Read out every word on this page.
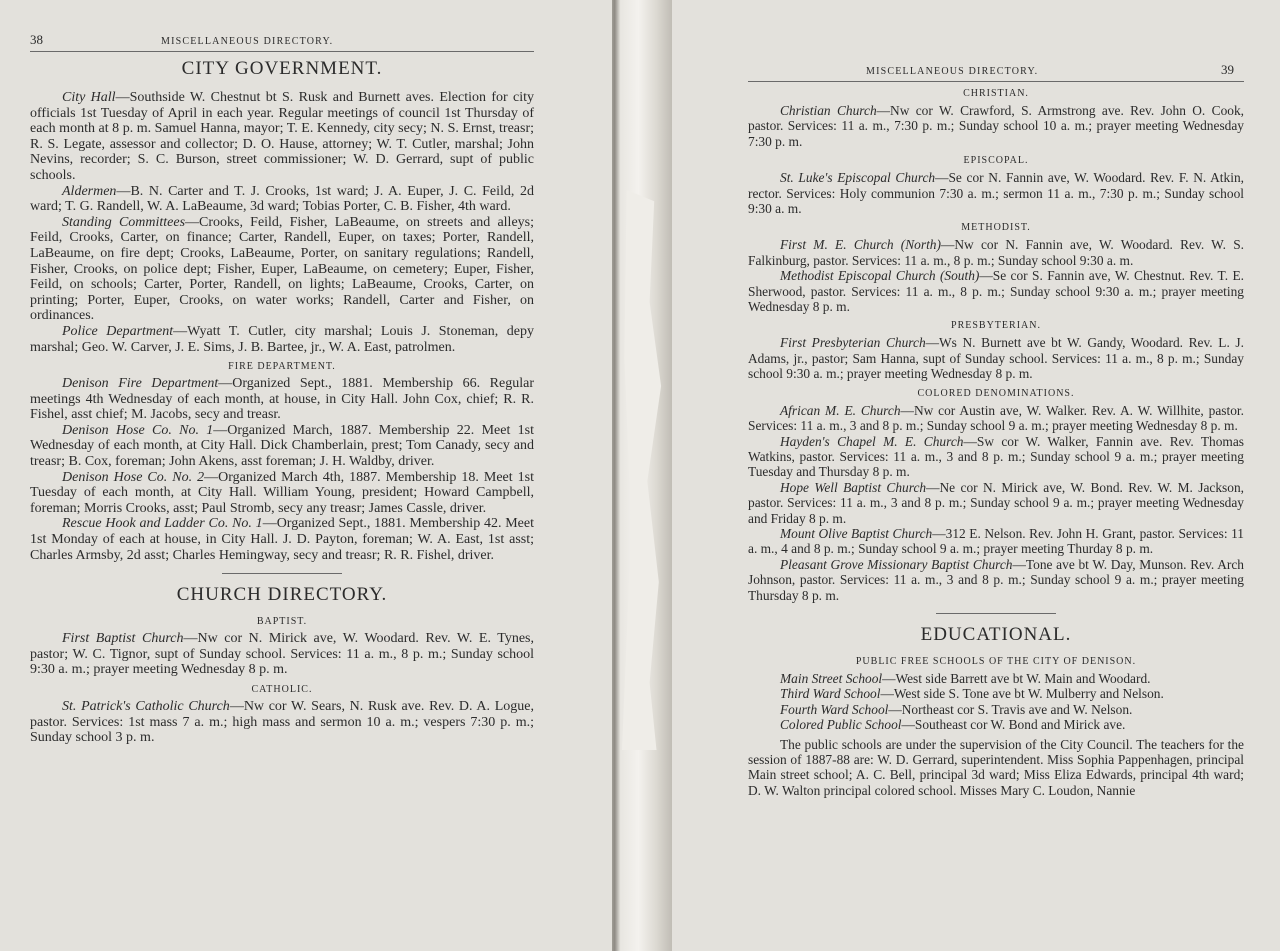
38	MISCELLANEOUS DIRECTORY.
CITY GOVERNMENT.

City Hall—Southside W. Chestnut bt S. Rusk and Burnett aves. Election for city officials 1st Tuesday of April in each year. Regular meetings of council 1st Thursday of each month at 8 p. m. Samuel Hanna, mayor; T. E. Kennedy, city secy; N. S. Ernst, treasr; R. S. Legate, assessor and collector; D. O. Hause, attorney; W. T. Cutler, marshal; John Nevins, recorder; S. C. Burson, street commissioner; W. D. Gerrard, supt of public schools.

Aldermen—B. N. Carter and T. J. Crooks, 1st ward; J. A. Euper, J. C. Feild, 2d ward; T. G. Randell, W. A. LaBeaume, 3d ward; Tobias Porter, C. B. Fisher, 4th ward.

Standing Committees—Crooks, Feild, Fisher, LaBeaume, on streets and alleys; Feild, Crooks, Carter, on finance; Carter, Randell, Euper, on taxes; Porter, Randell, LaBeaume, on fire dept; Crooks, LaBeaume, Porter, on sanitary regulations; Randell, Fisher, Crooks, on police dept; Fisher, Euper, LaBeaume, on cemetery; Euper, Fisher, Feild, on schools; Carter, Porter, Randell, on lights; LaBeaume, Crooks, Carter, on printing; Porter, Euper, Crooks, on water works; Randell, Carter and Fisher, on ordinances.

Police Department—Wyatt T. Cutler, city marshal; Louis J. Stoneman, depy marshal; Geo. W. Carver, J. E. Sims, J. B. Bartee, jr., W. A. East, patrolmen.

FIRE DEPARTMENT.

Denison Fire Department—Organized Sept., 1881. Membership 66. Regular meetings 4th Wednesday of each month, at house, in City Hall. John Cox, chief; R. R. Fishel, asst chief; M. Jacobs, secy and treasr.

Denison Hose Co. No. 1—Organized March, 1887. Membership 22. Meet 1st Wednesday of each month, at City Hall. Dick Chamberlain, prest; Tom Canady, secy and treasr; B. Cox, foreman; John Akens, asst foreman; J. H. Waldby, driver.

Denison Hose Co. No. 2—Organized March 4th, 1887. Membership 18. Meet 1st Tuesday of each month, at City Hall. William Young, president; Howard Campbell, foreman; Morris Crooks, asst; Paul Stromb, secy any treasr; James Cassle, driver.

Rescue Hook and Ladder Co. No. 1—Organized Sept., 1881. Membership 42. Meet 1st Monday of each at house, in City Hall. J. D. Payton, foreman; W. A. East, 1st asst; Charles Armsby, 2d asst; Charles Hemingway, secy and treasr; R. R. Fishel, driver.

CHURCH DIRECTORY.
BAPTIST.

First Baptist Church—Nw cor N. Mirick ave, W. Woodard. Rev. W. E. Tynes, pastor; W. C. Tignor, supt of Sunday school. Services: 11 a. m., 8 p. m.; Sunday school 9:30 a. m.; prayer meeting Wednesday 8 p. m.

CATHOLIC.

St. Patrick's Catholic Church—Nw cor W. Sears, N. Rusk ave. Rev. D. A. Logue, pastor. Services: 1st mass 7 a. m.; high mass and sermon 10 a. m.; vespers 7:30 p. m.; Sunday school 3 p. m.

MISCELLANEOUS DIRECTORY.	39
CHRISTIAN.

Christian Church—Nw cor W. Crawford, S. Armstrong ave. Rev. John O. Cook, pastor. Services: 11 a. m., 7:30 p. m.; Sunday school 10 a. m.; prayer meeting Wednesday 7:30 p. m.

EPISCOPAL.

St. Luke's Episcopal Church—Se cor N. Fannin ave, W. Woodard. Rev. F. N. Atkin, rector. Services: Holy communion 7:30 a. m.; sermon 11 a. m., 7:30 p. m.; Sunday school 9:30 a. m.

METHODIST.

First M. E. Church (North)—Nw cor N. Fannin ave, W. Woodard. Rev. W. S. Falkinburg, pastor. Services: 11 a. m., 8 p. m.; Sunday school 9:30 a. m.

Methodist Episcopal Church (South)—Se cor S. Fannin ave, W. Chestnut. Rev. T. E. Sherwood, pastor. Services: 11 a. m., 8 p. m.; Sunday school 9:30 a. m.; prayer meeting Wednesday 8 p. m.

PRESBYTERIAN.

First Presbyterian Church—Ws N. Burnett ave bt W. Gandy, Woodard. Rev. L. J. Adams, jr., pastor; Sam Hanna, supt of Sunday school. Services: 11 a. m., 8 p. m.; Sunday school 9:30 a. m.; prayer meeting Wednesday 8 p. m.

COLORED DENOMINATIONS.

African M. E. Church—Nw cor Austin ave, W. Walker. Rev. A. W. Willhite, pastor. Services: 11 a. m., 3 and 8 p. m.; Sunday school 9 a. m.; prayer meeting Wednesday 8 p. m.

Hayden's Chapel M. E. Church—Sw cor W. Walker, Fannin ave. Rev. Thomas Watkins, pastor. Services: 11 a. m., 3 and 8 p. m.; Sunday school 9 a. m.; prayer meeting Tuesday and Thursday 8 p. m.

Hope Well Baptist Church—Ne cor N. Mirick ave, W. Bond. Rev. W. M. Jackson, pastor. Services: 11 a. m., 3 and 8 p. m.; Sunday school 9 a. m.; prayer meeting Wednesday and Friday 8 p. m.

Mount Olive Baptist Church—312 E. Nelson. Rev. John H. Grant, pastor. Services: 11 a. m., 4 and 8 p. m.; Sunday school 9 a. m.; prayer meeting Thurday 8 p. m.

Pleasant Grove Missionary Baptist Church—Tone ave bt W. Day, Munson. Rev. Arch Johnson, pastor. Services: 11 a. m., 3 and 8 p. m.; Sunday school 9 a. m.; prayer meeting Thursday 8 p. m.

EDUCATIONAL.
PUBLIC FREE SCHOOLS OF THE CITY OF DENISON.

Main Street School—West side Barrett ave bt W. Main and Woodard.

Third Ward School—West side S. Tone ave bt W. Mulberry and Nelson.

Fourth Ward School—Northeast cor S. Travis ave and W. Nelson.

Colored Public School—Southeast cor W. Bond and Mirick ave.

The public schools are under the supervision of the City Council. The teachers for the session of 1887-88 are: W. D. Gerrard, superintendent. Miss Sophia Pappenhagen, principal Main street school; A. C. Bell, principal 3d ward; Miss Eliza Edwards, principal 4th ward; D. W. Walton principal colored school. Misses Mary C. Loudon, Nannie
